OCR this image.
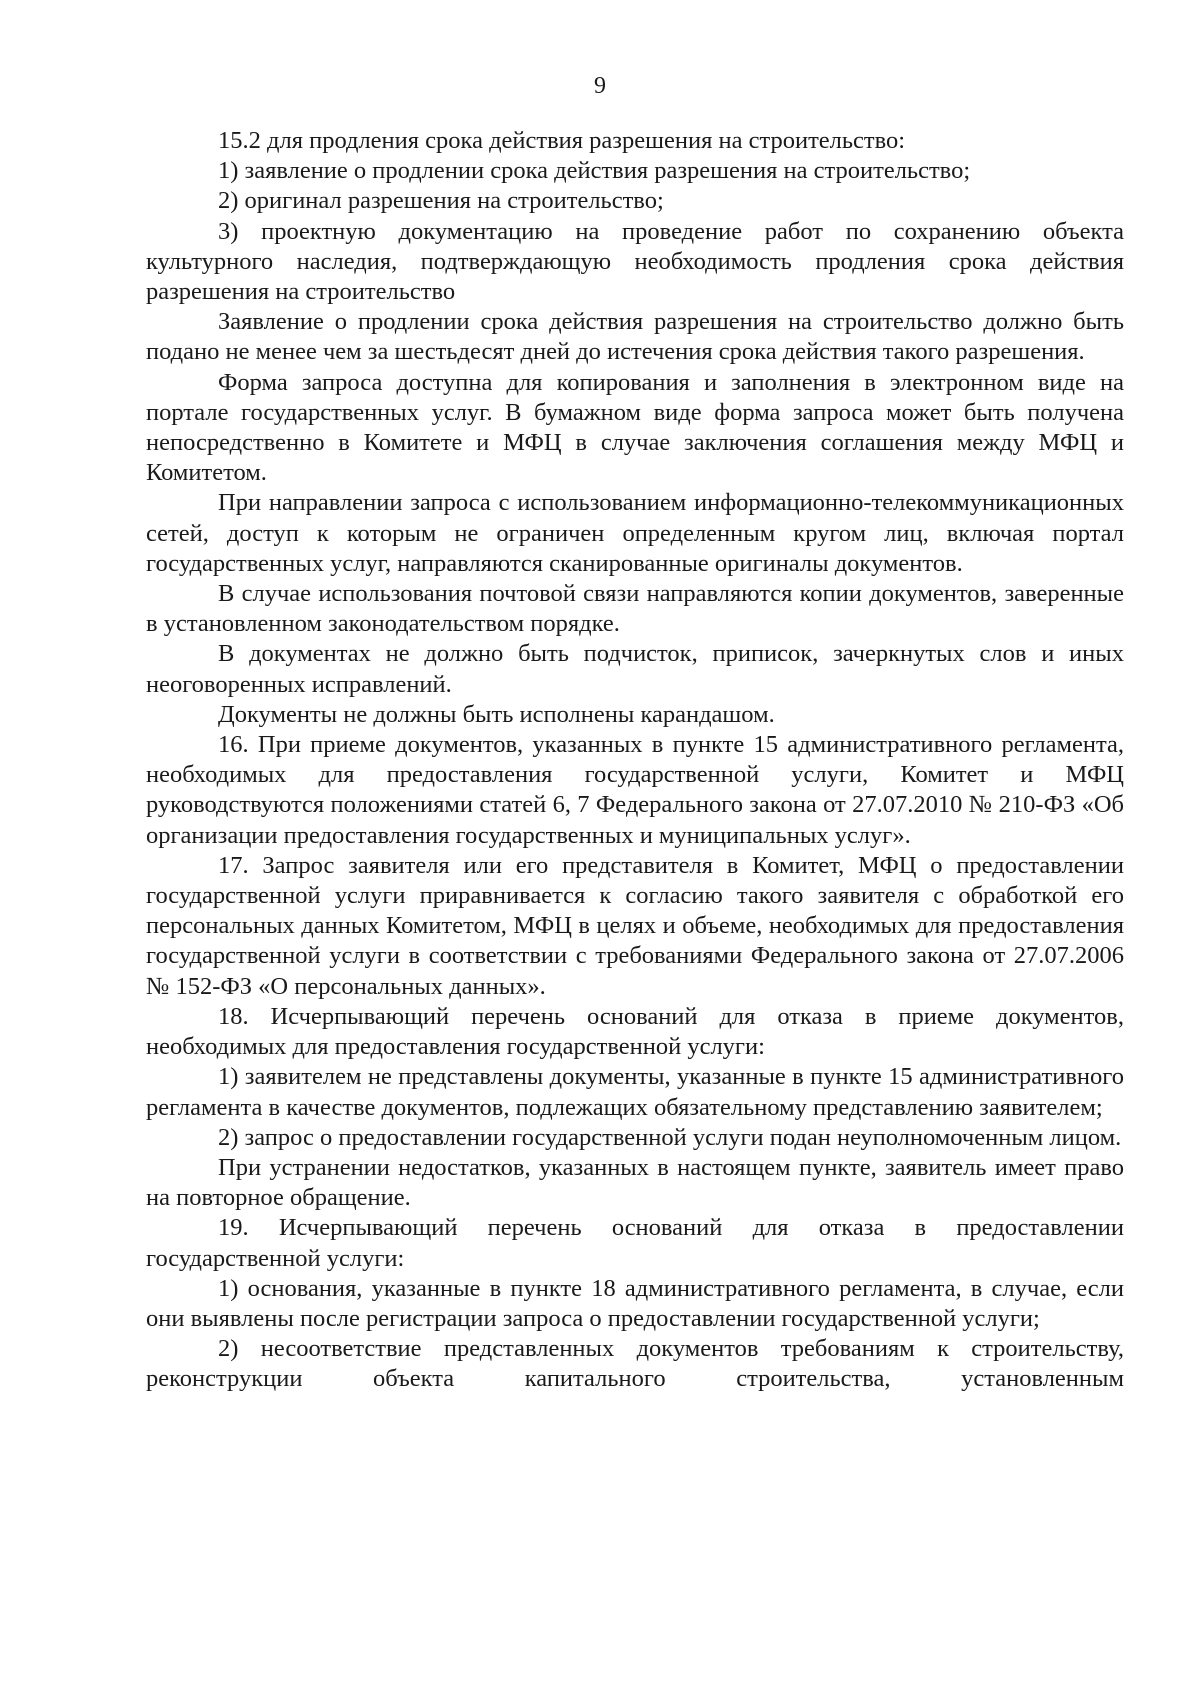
9

15.2 для продления срока действия разрешения на строительство:

1) заявление о продлении срока действия разрешения на строительство;

2) оригинал разрешения на строительство;

3) проектную документацию на проведение работ по сохранению объекта культурного наследия, подтверждающую необходимость продления срока действия разрешения на строительство

Заявление о продлении срока действия разрешения на строительство должно быть подано не менее чем за шестьдесят дней до истечения срока действия такого разрешения.

Форма запроса доступна для копирования и заполнения в электронном виде на портале государственных услуг. В бумажном виде форма запроса может быть получена непосредственно в Комитете и МФЦ в случае заключения соглашения между МФЦ и Комитетом.

При направлении запроса с использованием информационно-телекоммуникационных сетей, доступ к которым не ограничен определенным кругом лиц, включая портал государственных услуг, направляются сканированные оригиналы документов.

В случае использования почтовой связи направляются копии документов, заверенные в установленном законодательством порядке.

В документах не должно быть подчисток, приписок, зачеркнутых слов и иных неоговоренных исправлений.

Документы не должны быть исполнены карандашом.

16. При приеме документов, указанных в пункте 15 административного регламента, необходимых для предоставления государственной услуги, Комитет и МФЦ руководствуются положениями статей 6, 7 Федерального закона от 27.07.2010 № 210-ФЗ «Об организации предоставления государственных и муниципальных услуг».

17. Запрос заявителя или его представителя в Комитет, МФЦ о предоставлении государственной услуги приравнивается к согласию такого заявителя с обработкой его персональных данных Комитетом, МФЦ в целях и объеме, необходимых для предоставления государственной услуги в соответствии с требованиями Федерального закона от 27.07.2006 № 152-ФЗ «О персональных данных».

18. Исчерпывающий перечень оснований для отказа в приеме документов, необходимых для предоставления государственной услуги:

1) заявителем не представлены документы, указанные в пункте 15 административного регламента в качестве документов, подлежащих обязательному представлению заявителем;

2) запрос о предоставлении государственной услуги подан неуполномоченным лицом.

При устранении недостатков, указанных в настоящем пункте, заявитель имеет право на повторное обращение.

19. Исчерпывающий перечень оснований для отказа в предоставлении государственной услуги:

1) основания, указанные в пункте 18 административного регламента, в случае, если они выявлены после регистрации запроса о предоставлении государственной услуги;

2) несоответствие представленных документов требованиям к строительству, реконструкции объекта капитального строительства, установленным
